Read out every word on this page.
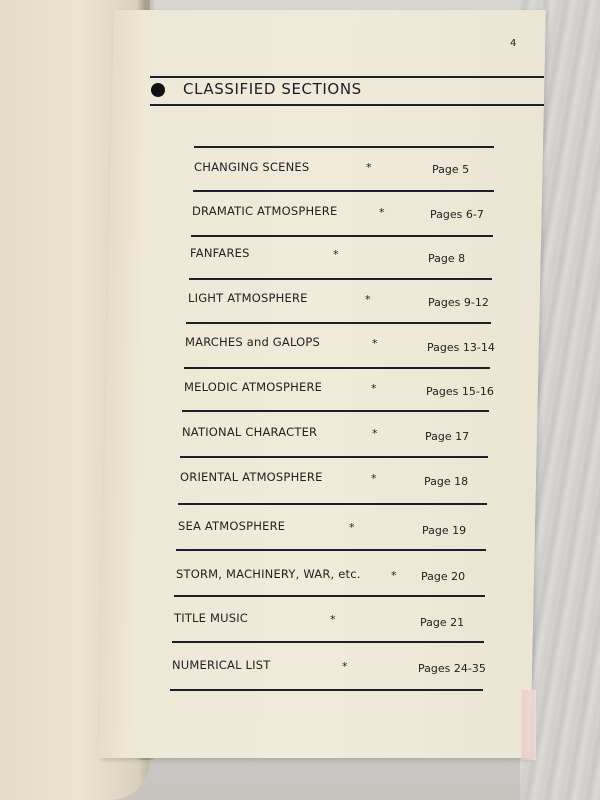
4
CLASSIFIED SECTIONS
CHANGING SCENES	*	Page 5
DRAMATIC ATMOSPHERE	*	Pages 6-7
FANFARES	*	Page 8
LIGHT ATMOSPHERE	*	Pages 9-12
MARCHES and GALOPS	*	Pages 13-14
MELODIC ATMOSPHERE	*	Pages 15-16
NATIONAL CHARACTER	*	Page 17
ORIENTAL ATMOSPHERE	*	Page 18
SEA ATMOSPHERE	*	Page 19
STORM, MACHINERY, WAR, etc.	* Page 20
TITLE MUSIC	*	Page 21
NUMERICAL LIST	*	Pages 24-35
